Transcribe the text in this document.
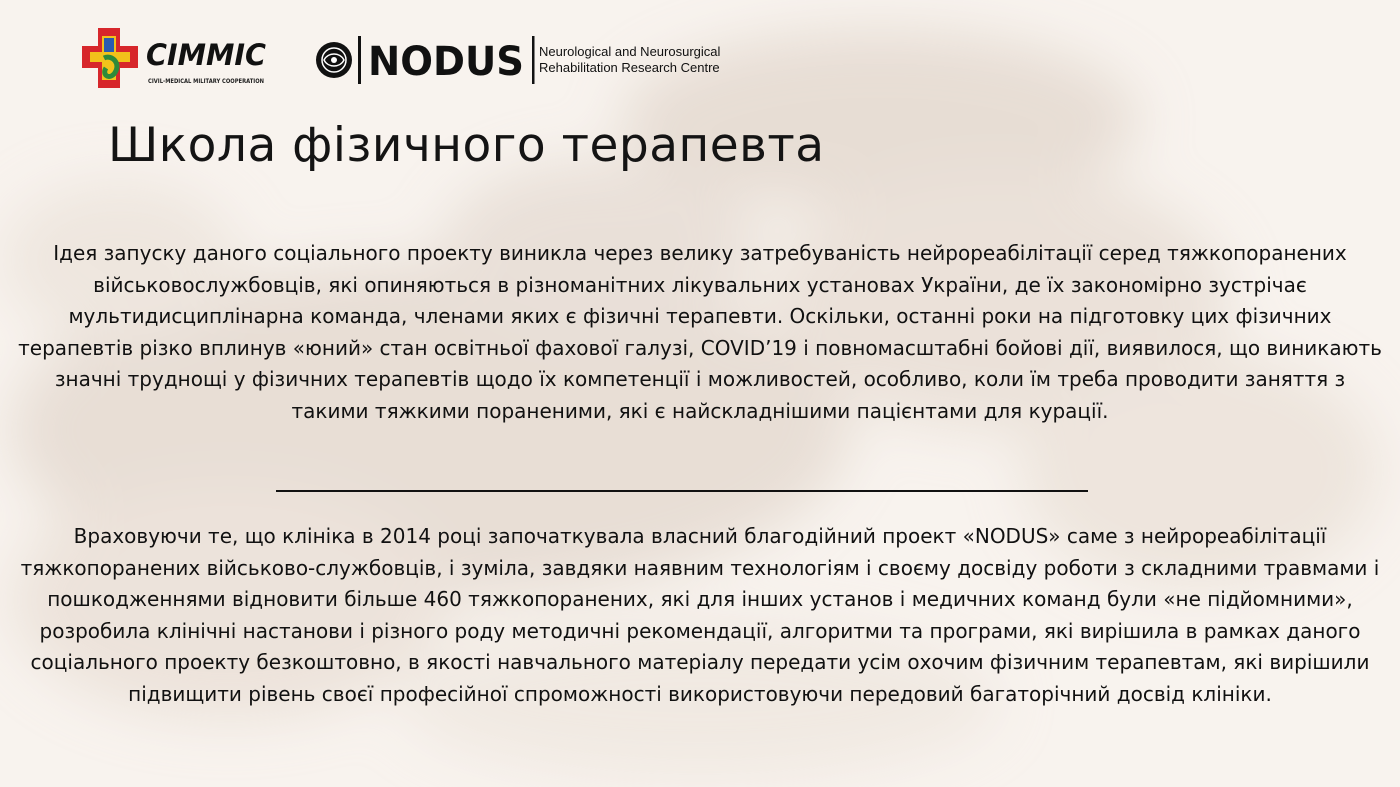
CIMMIC
CIVIL-MEDICAL MILITARY COOPERATION	NODUS Neurological and Neurosurgical
Rehabilitation Research Centre
Школа фізичного терапевта

Ідея запуску даного соціального проекту виникла через велику затребуваність нейрореабілітації серед тяжкопоранених військовослужбовців, які опиняються в різноманітних лікувальних установах України, де їх закономірно зустрічає мультидисциплінарна команда, членами яких є фізичні терапевти. Оскільки, останні роки на підготовку цих фізичних терапевтів різко вплинув «юний» стан освітньої фахової галузі, COVID’19 і повномасштабні бойові дії, виявилося, що виникають значні труднощі у фізичних терапевтів щодо їх компетенції і можливостей, особливо, коли їм треба проводити заняття з такими тяжкими пораненими, які є найскладнішими пацієнтами для курації.

Враховуючи те, що клініка в 2014 році започаткувала власний благодійний проект «NODUS» саме з нейрореабілітації тяжкопоранених військово-службовців, і зуміла, завдяки наявним технологіям і своєму досвіду роботи з складними травмами і пошкодженнями відновити більше 460 тяжкопоранених, які для інших установ і медичних команд були «не підйомними», розробила клінічні настанови і різного роду методичні рекомендації, алгоритми та програми, які вирішила в рамках даного соціального проекту безкоштовно, в якості навчального матеріалу передати усім охочим фізичним терапевтам, які вирішили підвищити рівень своєї професійної спроможності використовуючи передовий багаторічний досвід клініки.
